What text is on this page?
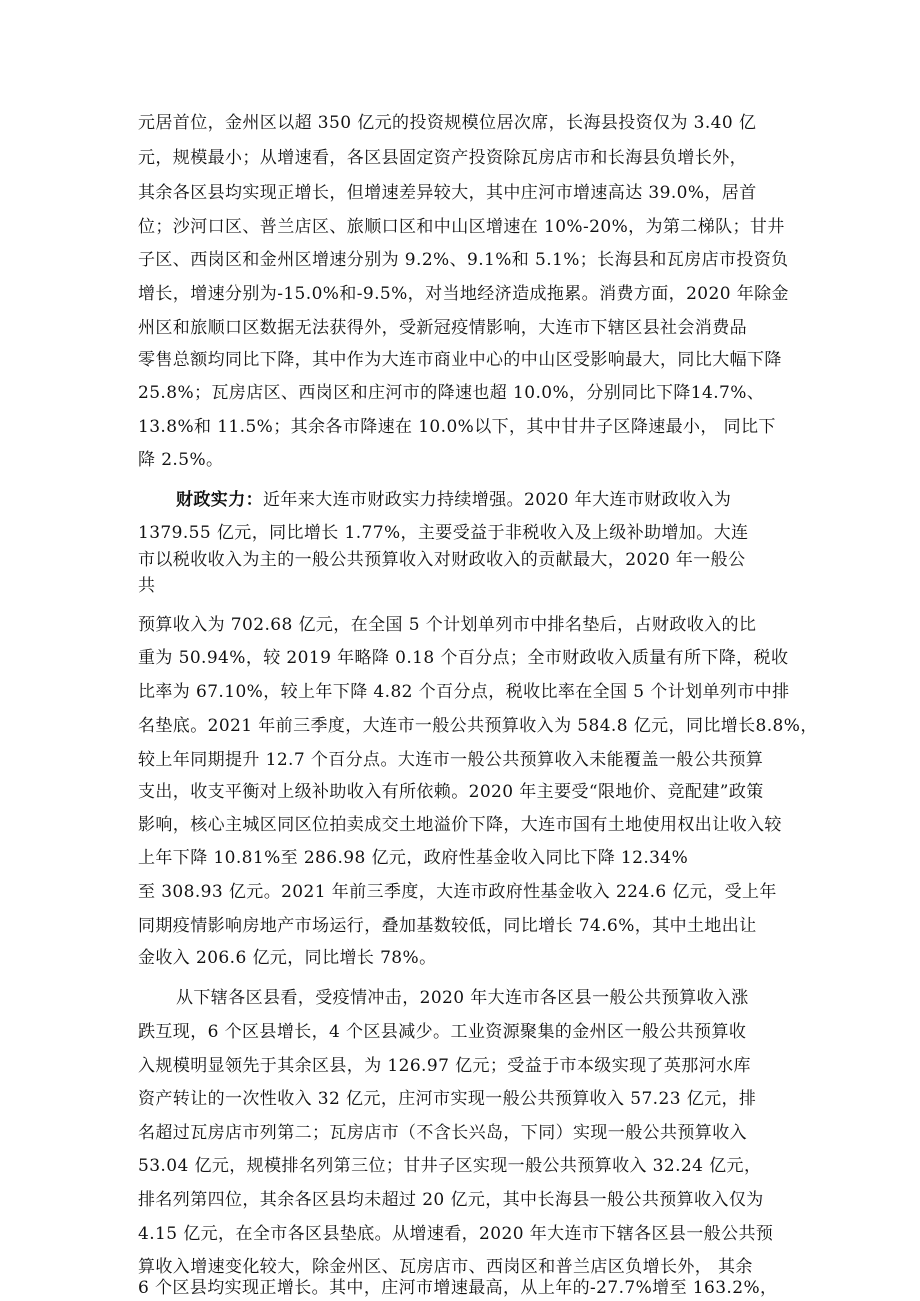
元居首位，金州区以超 350 亿元的投资规模位居次席，长海县投资仅为 3.40 亿

元，规模最小；从增速看，各区县固定资产投资除瓦房店市和长海县负增长外，

其余各区县均实现正增长，但增速差异较大，其中庄河市增速高达 39.0%，居首

位；沙河口区、普兰店区、旅顺口区和中山区增速在 10%-20%，为第二梯队；甘井

子区、西岗区和金州区增速分别为 9.2%、9.1%和 5.1%；长海县和瓦房店市投资负

增长，增速分别为-15.0%和-9.5%，对当地经济造成拖累。消费方面，2020 年除金

州区和旅顺口区数据无法获得外，受新冠疫情影响，大连市下辖区县社会消费品

零售总额均同比下降，其中作为大连市商业中心的中山区受影响最大，同比大幅下降

25.8%；瓦房店区、西岗区和庄河市的降速也超 10.0%，分别同比下降14.7%、

13.8%和 11.5%；其余各市降速在 10.0%以下，其中甘井子区降速最小， 同比下

降 2.5%。

财政实力：近年来大连市财政实力持续增强。2020 年大连市财政收入为

1379.55 亿元，同比增长 1.77%，主要受益于非税收入及上级补助增加。大连

市以税收收入为主的一般公共预算收入对财政收入的贡献最大，2020 年一般公

共

预算收入为 702.68 亿元，在全国 5 个计划单列市中排名垫后，占财政收入的比

重为 50.94%，较 2019 年略降 0.18 个百分点；全市财政收入质量有所下降，税收

比率为 67.10%，较上年下降 4.82 个百分点，税收比率在全国 5 个计划单列市中排

名垫底。2021 年前三季度，大连市一般公共预算收入为 584.8 亿元，同比增长8.8%，

较上年同期提升 12.7 个百分点。大连市一般公共预算收入未能覆盖一般公共预算

支出，收支平衡对上级补助收入有所依赖。2020 年主要受“限地价、竞配建”政策

影响，核心主城区同区位拍卖成交土地溢价下降，大连市国有土地使用权出让收入较

上年下降 10.81%至 286.98 亿元，政府性基金收入同比下降 12.34%

至 308.93 亿元。2021 年前三季度，大连市政府性基金收入 224.6 亿元，受上年

同期疫情影响房地产市场运行，叠加基数较低，同比增长 74.6%，其中土地出让

金收入 206.6 亿元，同比增长 78%。

从下辖各区县看，受疫情冲击，2020 年大连市各区县一般公共预算收入涨

跌互现，6 个区县增长，4 个区县减少。工业资源聚集的金州区一般公共预算收

入规模明显领先于其余区县，为 126.97 亿元；受益于市本级实现了英那河水库

资产转让的一次性收入 32 亿元，庄河市实现一般公共预算收入 57.23 亿元，排

名超过瓦房店市列第二；瓦房店市（不含长兴岛，下同）实现一般公共预算收入

53.04 亿元，规模排名列第三位；甘井子区实现一般公共预算收入 32.24 亿元，

排名列第四位，其余各区县均未超过 20 亿元，其中长海县一般公共预算收入仅为

4.15 亿元，在全市各区县垫底。从增速看，2020 年大连市下辖各区县一般公共预

算收入增速变化较大，除金州区、瓦房店市、西岗区和普兰店区负增长外， 其余

6 个区县均实现正增长。其中，庄河市增速最高，从上年的-27.7%增至 163.2%，
